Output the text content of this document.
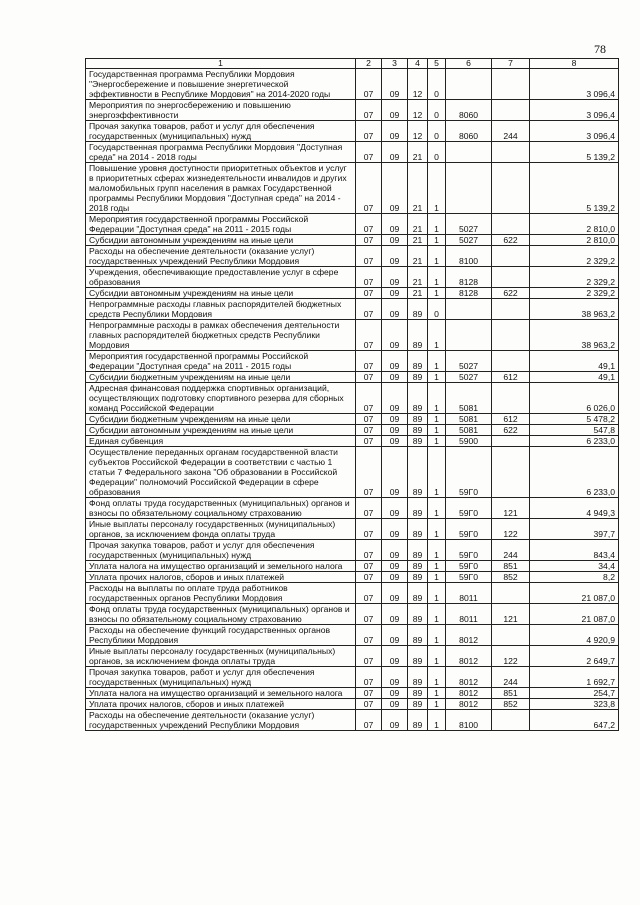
78
1	2	3	4	5	6	7	8
Государственная программа Республики Мордовия "Энергосбережение и повышение энергетической эффективности в Республике Мордовия" на 2014-2020 годы	07	09	12	0			3 096,4
Мероприятия по энергосбережению и повышению энергоэффективности	07	09	12	0	8060		3 096,4
Прочая закупка товаров, работ и услуг для обеспечения государственных (муниципальных) нужд	07	09	12	0	8060	244	3 096,4
Государственная программа Республики Мордовия "Доступная среда" на 2014 - 2018 годы	07	09	21	0			5 139,2
Повышение уровня доступности приоритетных объектов и услуг в приоритетных сферах жизнедеятельности инвалидов и других маломобильных групп населения в рамках Государственной программы Республики Мордовия "Доступная среда" на 2014 - 2018 годы	07	09	21	1			5 139,2
Мероприятия государственной программы Российской Федерации "Доступная среда" на 2011 - 2015 годы	07	09	21	1	5027		2 810,0
Субсидии автономным учреждениям на иные цели	07	09	21	1	5027	622	2 810,0
Расходы на обеспечение деятельности (оказание услуг) государственных учреждений Республики Мордовия	07	09	21	1	8100		2 329,2
Учреждения, обеспечивающие предоставление услуг в сфере образования	07	09	21	1	8128		2 329,2
Субсидии автономным учреждениям на иные цели	07	09	21	1	8128	622	2 329,2
Непрограммные расходы главных распорядителей бюджетных средств Республики Мордовия	07	09	89	0			38 963,2
Непрограммные расходы в рамках обеспечения деятельности главных распорядителей бюджетных средств Республики Мордовия	07	09	89	1			38 963,2
Мероприятия государственной программы Российской Федерации "Доступная среда" на 2011 - 2015 годы	07	09	89	1	5027		49,1
Субсидии бюджетным учреждениям на иные цели	07	09	89	1	5027	612	49,1
Адресная финансовая поддержка спортивных организаций, осуществляющих подготовку спортивного резерва для сборных команд Российской Федерации	07	09	89	1	5081		6 026,0
Субсидии бюджетным учреждениям на иные цели	07	09	89	1	5081	612	5 478,2
Субсидии автономным учреждениям на иные цели	07	09	89	1	5081	622	547,8
Единая субвенция	07	09	89	1	5900		6 233,0
Осуществление переданных органам государственной власти субъектов Российской Федерации в соответствии с частью 1 статьи 7 Федерального закона "Об образовании в Российской Федерации" полномочий Российской Федерации в сфере образования	07	09	89	1	59Г0		6 233,0
Фонд оплаты труда государственных (муниципальных) органов и взносы по обязательному социальному страхованию	07	09	89	1	59Г0	121	4 949,3
Иные выплаты персоналу государственных (муниципальных) органов, за исключением фонда оплаты труда	07	09	89	1	59Г0	122	397,7
Прочая закупка товаров, работ и услуг для обеспечения государственных (муниципальных) нужд	07	09	89	1	59Г0	244	843,4
Уплата налога на имущество организаций и земельного налога	07	09	89	1	59Г0	851	34,4
Уплата прочих налогов, сборов и иных платежей	07	09	89	1	59Г0	852	8,2
Расходы на выплаты по оплате труда работников государственных органов Республики Мордовия	07	09	89	1	8011		21 087,0
Фонд оплаты труда государственных (муниципальных) органов и взносы по обязательному социальному страхованию	07	09	89	1	8011	121	21 087,0
Расходы на обеспечение функций государственных органов Республики Мордовия	07	09	89	1	8012		4 920,9
Иные выплаты персоналу государственных (муниципальных) органов, за исключением фонда оплаты труда	07	09	89	1	8012	122	2 649,7
Прочая закупка товаров, работ и услуг для обеспечения государственных (муниципальных) нужд	07	09	89	1	8012	244	1 692,7
Уплата налога на имущество организаций и земельного налога	07	09	89	1	8012	851	254,7
Уплата прочих налогов, сборов и иных платежей	07	09	89	1	8012	852	323,8
Расходы на обеспечение деятельности (оказание услуг) государственных учреждений Республики Мордовия	07	09	89	1	8100		647,2
